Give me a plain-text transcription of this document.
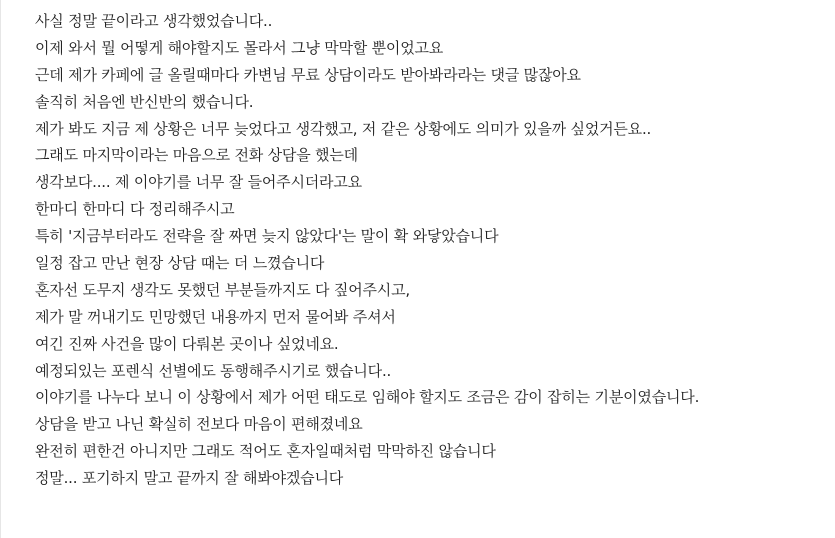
사실 정말 끝이라고 생각했었습니다..
이제 와서 뭘 어떻게 해야할지도 몰라서 그냥 막막할 뿐이었고요
근데 제가 카페에 글 올릴때마다 카변님 무료 상담이라도 받아봐라라는 댓글 많잖아요
솔직히 처음엔 반신반의 했습니다.
제가 봐도 지금 제 상황은 너무 늦었다고 생각했고, 저 같은 상황에도 의미가 있을까 싶었거든요..
그래도 마지막이라는 마음으로 전화 상담을 했는데
생각보다.... 제 이야기를 너무 잘 들어주시더라고요
한마디 한마디 다 정리해주시고
특히 '지금부터라도 전략을 잘 짜면 늦지 않았다'는 말이 확 와닿았습니다
일정 잡고 만난 현장 상담 때는 더 느꼈습니다
혼자선 도무지 생각도 못했던 부분들까지도 다 짚어주시고,
제가 말 꺼내기도 민망했던 내용까지 먼저 물어봐 주셔서
여긴 진짜 사건을 많이 다뤄본 곳이나 싶었네요.
예정되있는 포렌식 선별에도 동행해주시기로 했습니다..
이야기를 나누다 보니 이 상황에서 제가 어떤 태도로 임해야 할지도 조금은 감이 잡히는 기분이였습니다.
상담을 받고 나닌 확실히 전보다 마음이 편해졌네요
완전히 편한건 아니지만 그래도 적어도 혼자일때처럼 막막하진 않습니다
정말... 포기하지 말고 끝까지 잘 해봐야겠습니다
